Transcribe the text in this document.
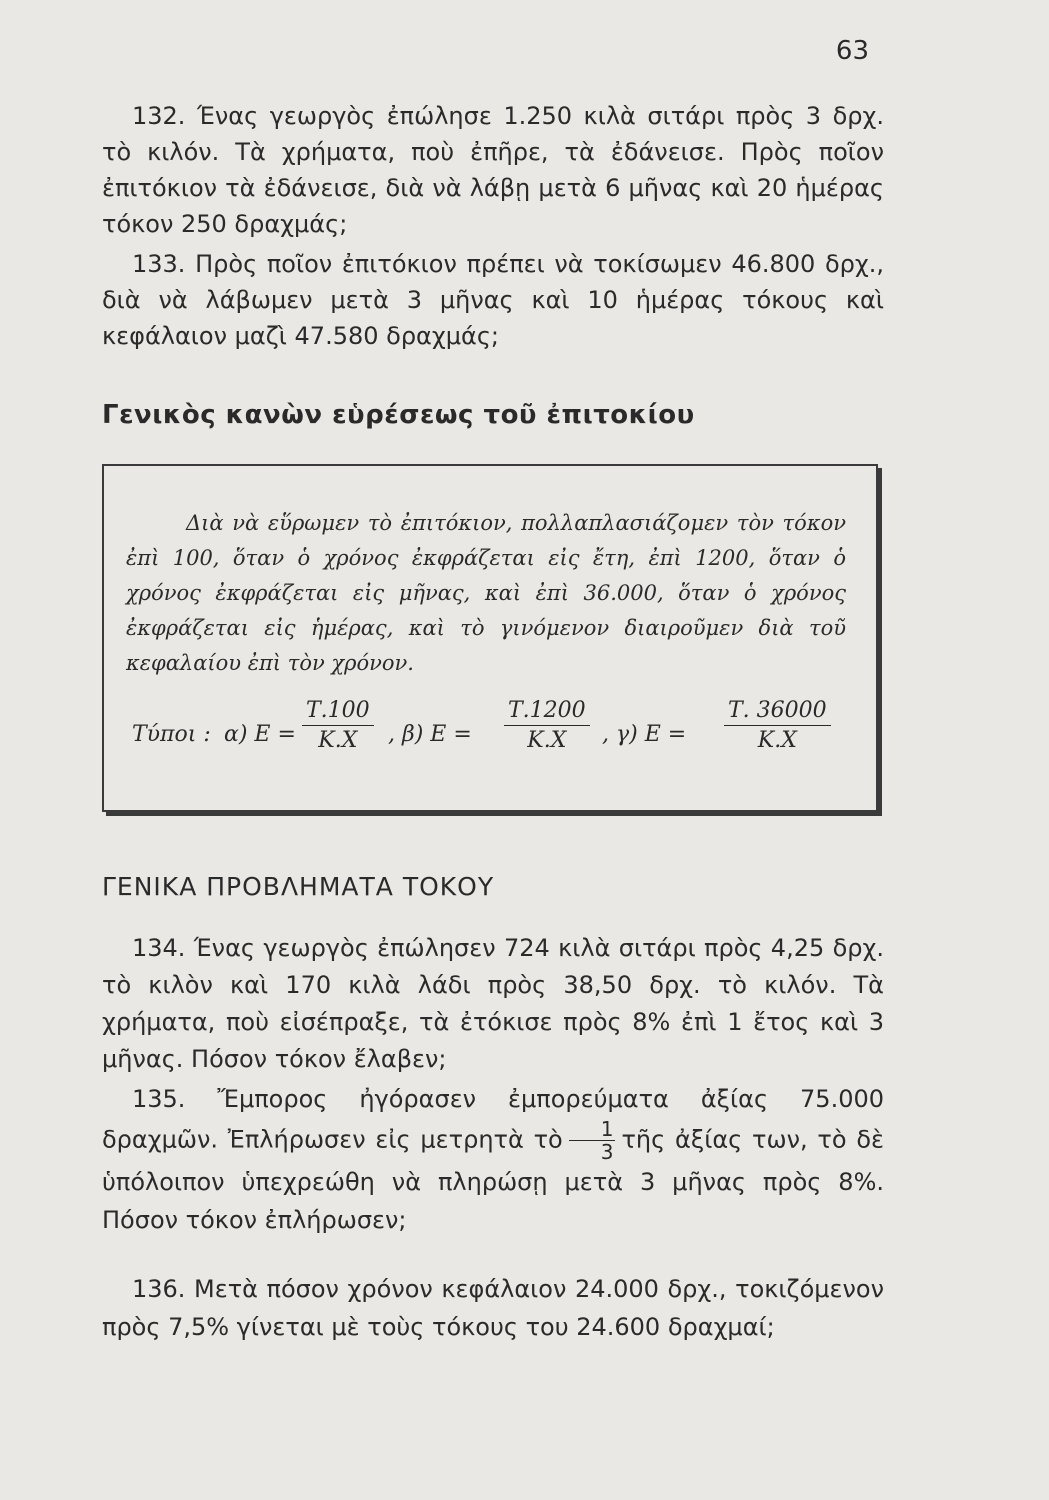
63

132. Ένας γεωργὸς ἐπώλησε 1.250 κιλὰ σιτάρι πρὸς 3 δρχ. τὸ κιλόν. Τὰ χρήματα, ποὺ ἐπῆρε, τὰ ἐδάνεισε. Πρὸς ποῖον ἐπιτόκιον τὰ ἐδάνεισε, διὰ νὰ λάβῃ μετὰ 6 μῆνας καὶ 20 ἡμέρας τόκον 250 δραχμάς;

133. Πρὸς ποῖον ἐπιτόκιον πρέπει νὰ τοκίσωμεν 46.800 δρχ., διὰ νὰ λάβωμεν μετὰ 3 μῆνας καὶ 10 ἡμέρας τόκους καὶ κεφάλαιον μαζὶ 47.580 δραχμάς;

Γενικὸς κανὼν εὑρέσεως τοῦ ἐπιτοκίου

Διὰ νὰ εὕρωμεν τὸ ἐπιτόκιον, πολλαπλασιάζομεν τὸν τόκον ἐπὶ 100, ὅταν ὁ χρόνος ἐκφράζεται εἰς ἔτη, ἐπὶ 1200, ὅταν ὁ χρόνος ἐκφράζεται εἰς μῆνας, καὶ ἐπὶ 36.000, ὅταν ὁ χρόνος ἐκφράζεται εἰς ἡμέρας, καὶ τὸ γινόμενον διαιροῦμεν διὰ τοῦ κεφαλαίου ἐπὶ τὸν χρόνον.

Τύποι : α) $E = \frac{T.100}{K.X}$ , β) $E = \frac{T.1200}{K.X}$ , γ) $E = \frac{T. 36000}{K.X}$
ΓΕΝΙΚΑ ΠΡΟΒΛΗΜΑΤΑ ΤΟΚΟΥ

134. Ένας γεωργὸς ἐπώλησεν 724 κιλὰ σιτάρι πρὸς 4,25 δρχ. τὸ κιλὸν καὶ 170 κιλὰ λάδι πρὸς 38,50 δρχ. τὸ κιλόν. Τὰ χρήματα, ποὺ εἰσέπραξε, τὰ ἐτόκισε πρὸς 8% ἐπὶ 1 ἔτος καὶ 3 μῆνας. Πόσον τόκον ἔλαβεν;

135. Ἔμπορος ἠγόρασεν ἐμπορεύματα ἀξίας 75.000 δραχμῶν. Ἐπλήρωσεν εἰς μετρητὰ τὸ $\frac{1}{3}$ τῆς ἀξίας των, τὸ δὲ ὑπόλοιπον ὑπεχρεώθη νὰ πληρώσῃ μετὰ 3 μῆνας πρὸς 8%. Πόσον τόκον ἐπλήρωσεν;

136. Μετὰ πόσον χρόνον κεφάλαιον 24.000 δρχ., τοκιζόμενον πρὸς 7,5% γίνεται μὲ τοὺς τόκους του 24.600 δραχμαί;
